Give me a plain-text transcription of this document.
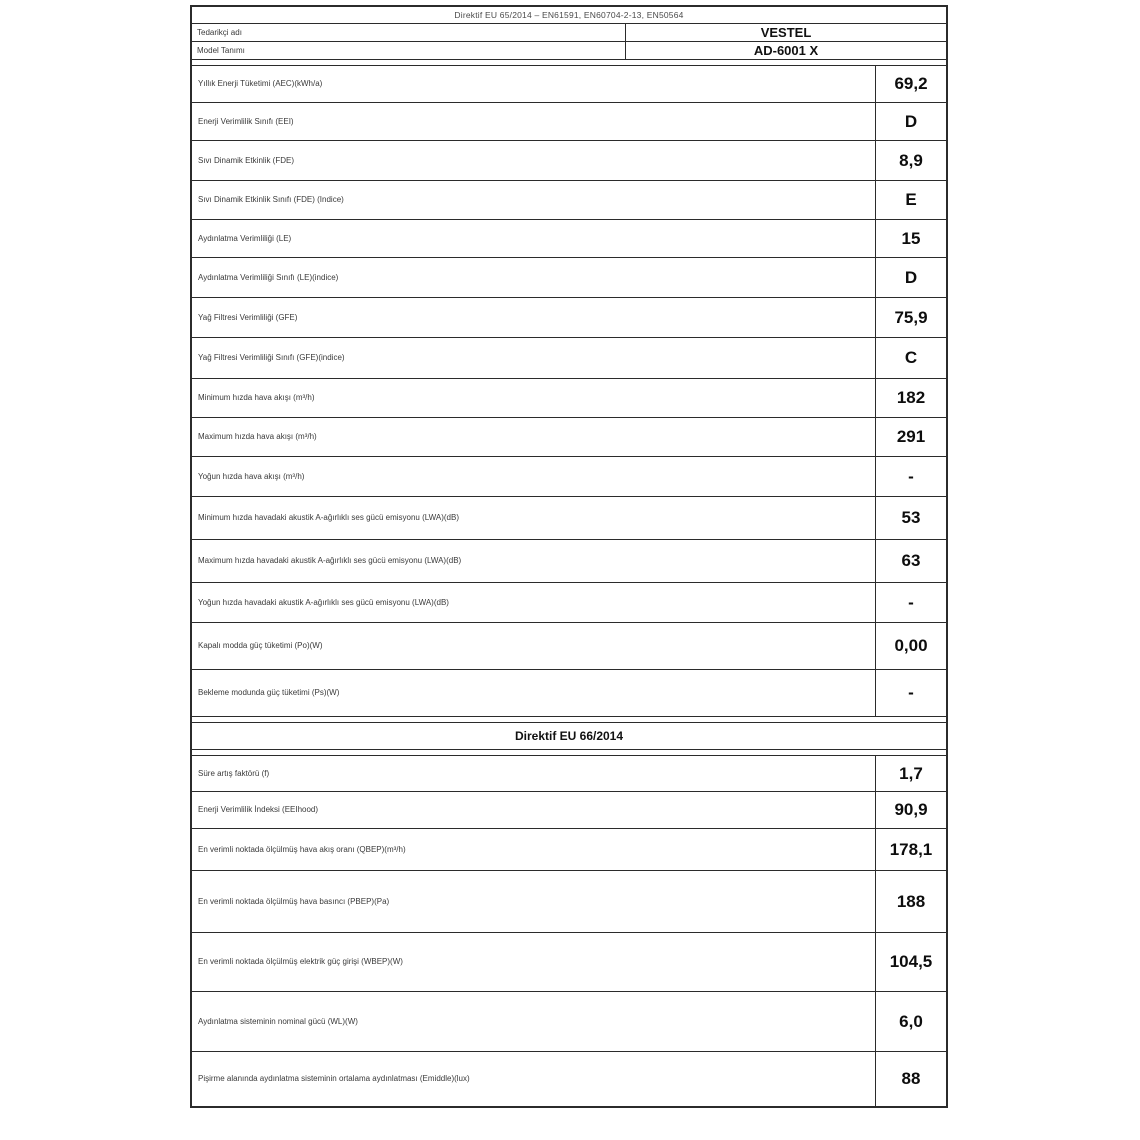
Direktif EU 65/2014 – EN61591, EN60704-2-13, EN50564
Tedarikçi adı	VESTEL
Model Tanımı	AD-6001 X
Yıllık Enerji Tüketimi (AEC)(kWh/a)	69,2
Enerji Verimlilik Sınıfı (EEI)	D
Sıvı Dinamik Etkinlik (FDE)	8,9
Sıvı Dinamik Etkinlik Sınıfı (FDE) (Indice)	E
Aydınlatma Verimliliği (LE)	15
Aydınlatma Verimliliği Sınıfı (LE)(indice)	D
Yağ Filtresi Verimliliği (GFE)	75,9
Yağ Filtresi Verimliliği Sınıfı (GFE)(indice)	C
Minimum hızda hava akışı (m³/h)	182
Maximum hızda hava akışı (m³/h)	291
Yoğun hızda hava akışı (m³/h)	-
Minimum hızda havadaki akustik A-ağırlıklı ses gücü emisyonu (LWA)(dB)	53
Maximum hızda havadaki akustik A-ağırlıklı ses gücü emisyonu (LWA)(dB)	63
Yoğun hızda havadaki akustik A-ağırlıklı ses gücü emisyonu (LWA)(dB)	-
Kapalı modda güç tüketimi (Po)(W)	0,00
Bekleme modunda güç tüketimi (Ps)(W)	-
Direktif EU 66/2014
Süre artış faktörü (f)	1,7
Enerji Verimlilik İndeksi (EEIhood)	90,9
En verimli noktada ölçülmüş hava akış oranı (QBEP)(m³/h)	178,1
En verimli noktada ölçülmüş hava basıncı (PBEP)(Pa)	188
En verimli noktada ölçülmüş elektrik güç girişi (WBEP)(W)	104,5
Aydınlatma sisteminin nominal gücü (WL)(W)	6,0
Pişirme alanında aydınlatma sisteminin ortalama aydınlatması (Emiddle)(lux)	88
